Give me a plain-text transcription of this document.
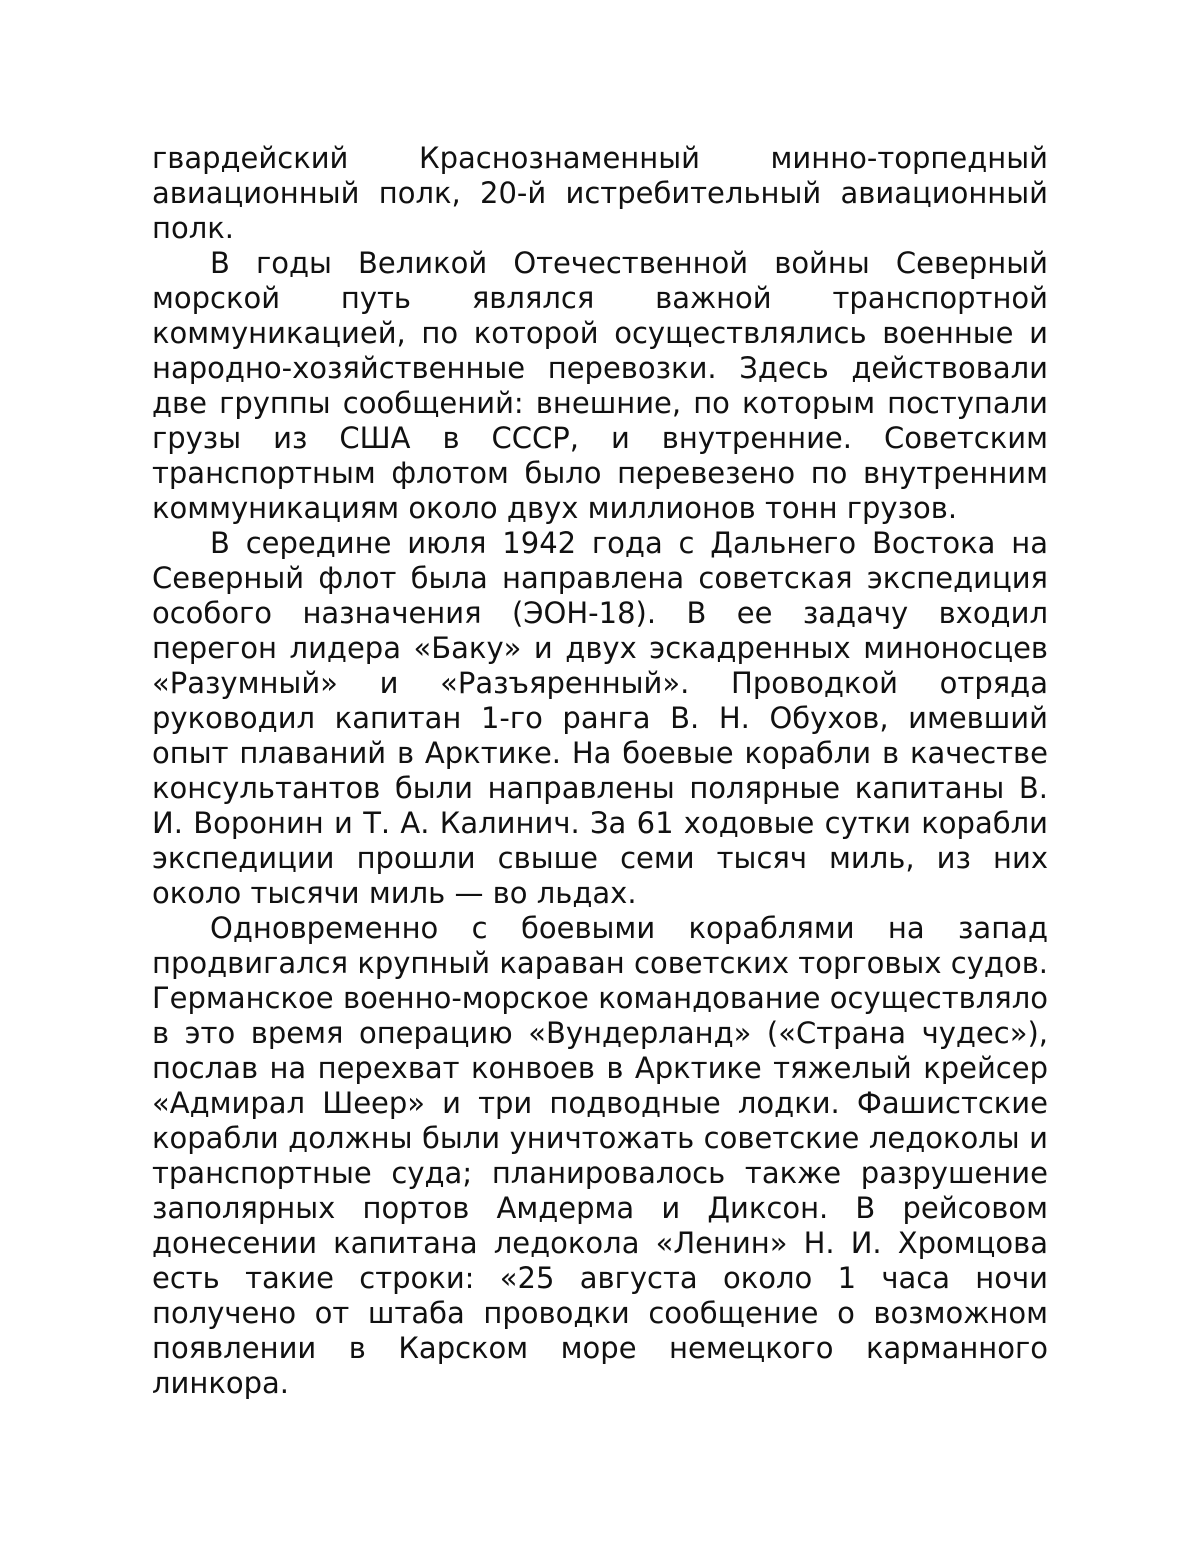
гвардейский Краснознаменный минно-торпедный авиационный полк, 20-й истребительный авиационный полк.

В годы Великой Отечественной войны Северный морской путь являлся важной транспортной коммуникацией, по которой осуществлялись военные и народно-хозяйственные перевозки. Здесь действовали две группы сообщений: внешние, по которым поступали грузы из США в СССР, и внутренние. Советским транспортным флотом было перевезено по внутренним коммуникациям около двух миллионов тонн грузов.

В середине июля 1942 года с Дальнего Востока на Северный флот была направлена советская экспедиция особого назначения (ЭОН-18). В ее задачу входил перегон лидера «Баку» и двух эскадренных миноносцев «Разумный» и «Разъяренный». Проводкой отряда руководил капитан 1-го ранга В. Н. Обухов, имевший опыт плаваний в Арктике. На боевые корабли в качестве консультантов были направлены полярные капитаны В. И. Воронин и Т. А. Калинич. За 61 ходовые сутки корабли экспедиции прошли свыше семи тысяч миль, из них около тысячи миль — во льдах.

Одновременно с боевыми кораблями на запад продвигался крупный караван советских торговых судов. Германское военно-морское командование осуществляло в это время операцию «Вундерланд» («Страна чудес»), послав на перехват конвоев в Арктике тяжелый крейсер «Адмирал Шеер» и три подводные лодки. Фашистские корабли должны были уничтожать советские ледоколы и транспортные суда; планировалось также разрушение заполярных портов Амдерма и Диксон. В рейсовом донесении капитана ледокола «Ленин» Н. И. Хромцова есть такие строки: «25 августа около 1 часа ночи получено от штаба проводки сообщение о возможном появлении в Карском море немецкого карманного линкора.
